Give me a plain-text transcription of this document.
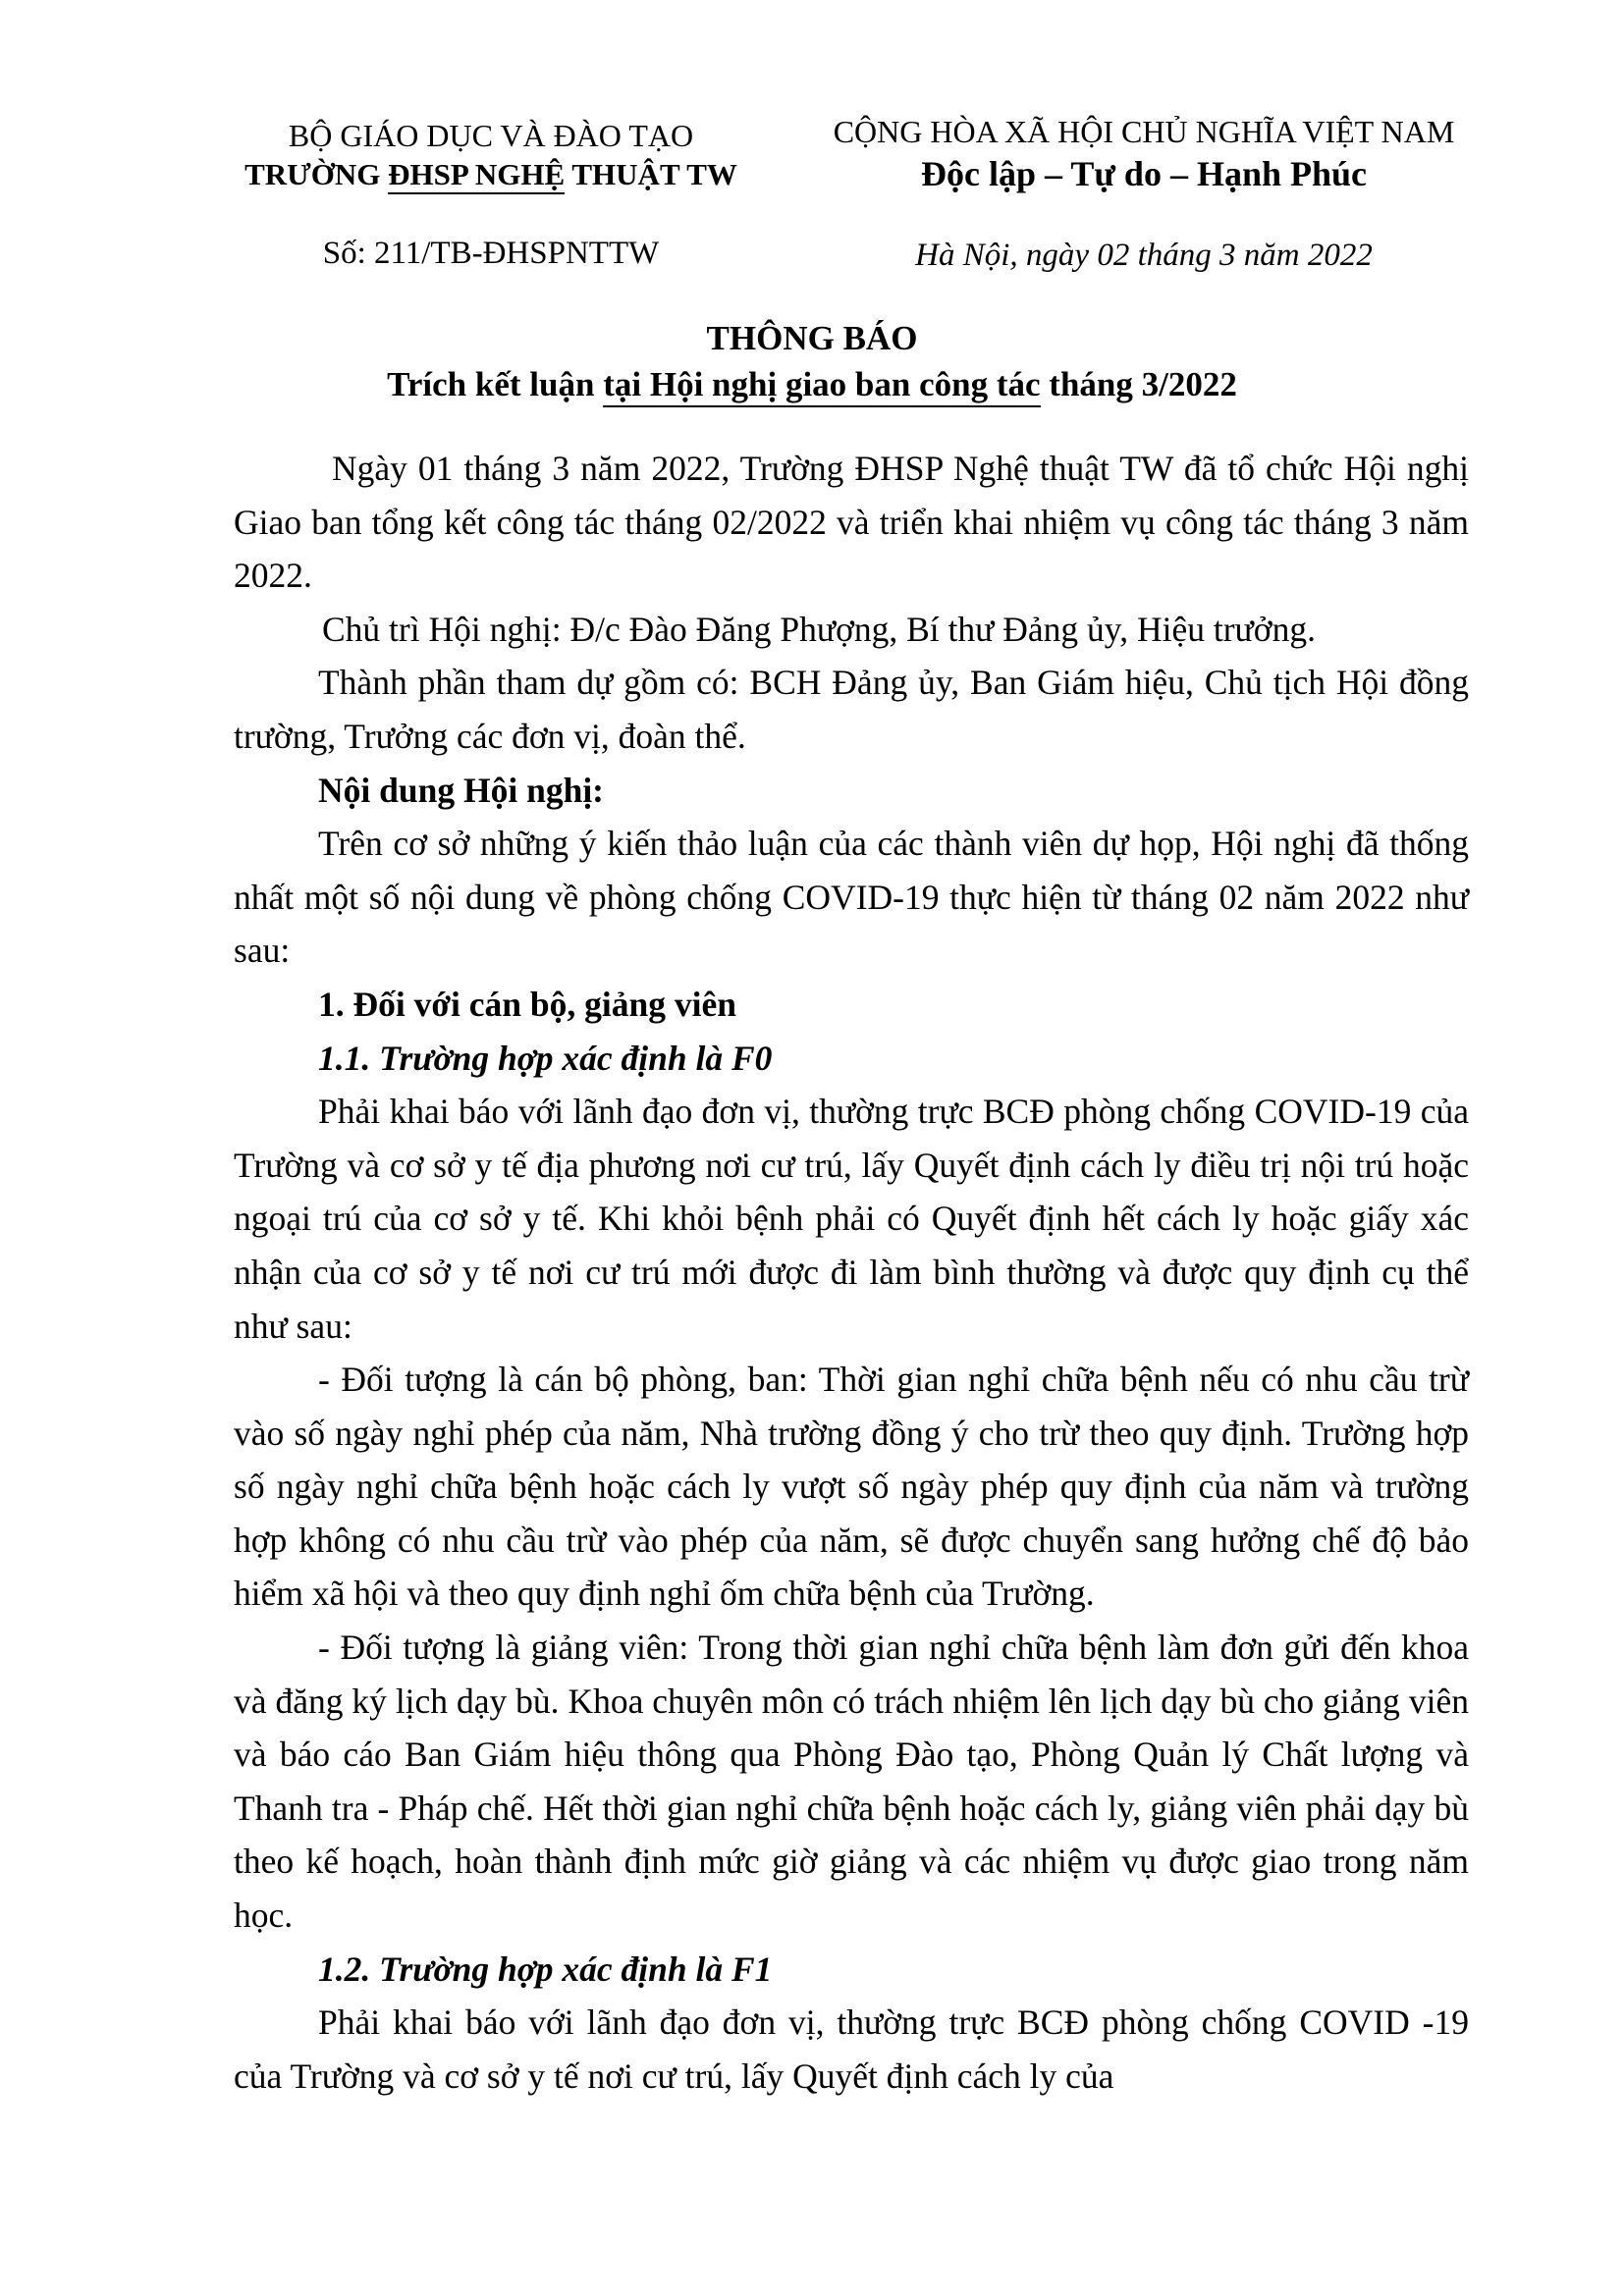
BỘ GIÁO DỤC VÀ ĐÀO TẠO
TRƯỜNG ĐHSP NGHỆ THUẬT TW
CỘNG HÒA XÃ HỘI CHỦ NGHĨA VIỆT NAM
Độc lập – Tự do – Hạnh Phúc
Số: 211/TB-ĐHSPNTTW	Hà Nội, ngày 02 tháng 3 năm 2022
THÔNG BÁO
Trích kết luận tại Hội nghị giao ban công tác tháng 3/2022

Ngày 01 tháng 3 năm 2022, Trường ĐHSP Nghệ thuật TW đã tổ chức Hội nghị Giao ban tổng kết công tác tháng 02/2022 và triển khai nhiệm vụ công tác tháng 3 năm 2022.

Chủ trì Hội nghị: Đ/c Đào Đăng Phượng, Bí thư Đảng ủy, Hiệu trưởng.

Thành phần tham dự gồm có: BCH Đảng ủy, Ban Giám hiệu, Chủ tịch Hội đồng trường, Trưởng các đơn vị, đoàn thể.

Nội dung Hội nghị:

Trên cơ sở những ý kiến thảo luận của các thành viên dự họp, Hội nghị đã thống nhất một số nội dung về phòng chống COVID-19 thực hiện từ tháng 02 năm 2022 như sau:

1. Đối với cán bộ, giảng viên

1.1. Trường hợp xác định là F0

Phải khai báo với lãnh đạo đơn vị, thường trực BCĐ phòng chống COVID-19 của Trường và cơ sở y tế địa phương nơi cư trú, lấy Quyết định cách ly điều trị nội trú hoặc ngoại trú của cơ sở y tế. Khi khỏi bệnh phải có Quyết định hết cách ly hoặc giấy xác nhận của cơ sở y tế nơi cư trú mới được đi làm bình thường và được quy định cụ thể như sau:

- Đối tượng là cán bộ phòng, ban: Thời gian nghỉ chữa bệnh nếu có nhu cầu trừ vào số ngày nghỉ phép của năm, Nhà trường đồng ý cho trừ theo quy định. Trường hợp số ngày nghỉ chữa bệnh hoặc cách ly vượt số ngày phép quy định của năm và trường hợp không có nhu cầu trừ vào phép của năm, sẽ được chuyển sang hưởng chế độ bảo hiểm xã hội và theo quy định nghỉ ốm chữa bệnh của Trường.

- Đối tượng là giảng viên: Trong thời gian nghỉ chữa bệnh làm đơn gửi đến khoa và đăng ký lịch dạy bù. Khoa chuyên môn có trách nhiệm lên lịch dạy bù cho giảng viên và báo cáo Ban Giám hiệu thông qua Phòng Đào tạo, Phòng Quản lý Chất lượng và Thanh tra - Pháp chế. Hết thời gian nghỉ chữa bệnh hoặc cách ly, giảng viên phải dạy bù theo kế hoạch, hoàn thành định mức giờ giảng và các nhiệm vụ được giao trong năm học.

1.2. Trường hợp xác định là F1

Phải khai báo với lãnh đạo đơn vị, thường trực BCĐ phòng chống COVID -19 của Trường và cơ sở y tế nơi cư trú, lấy Quyết định cách ly của
